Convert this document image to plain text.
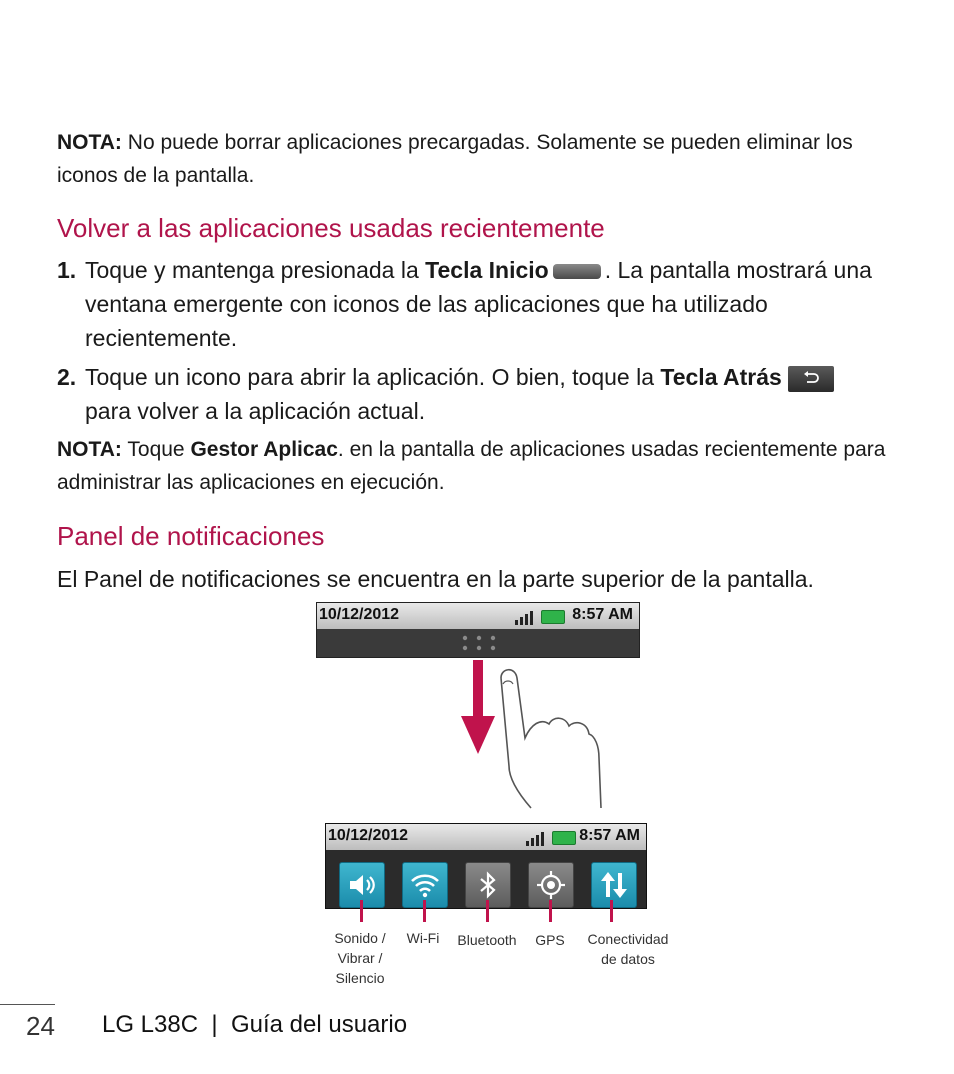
NOTA: No puede borrar aplicaciones precargadas. Solamente se pueden eliminar los iconos de la pantalla.

Volver a las aplicaciones usadas recientemente
1. Toque y mantenga presionada la Tecla Inicio . La pantalla mostrará una ventana emergente con iconos de las aplicaciones que ha utilizado recientemente.
2. Toque un icono para abrir la aplicación. O bien, toque la Tecla Atrás

para volver a la aplicación actual.

NOTA: Toque Gestor Aplicac. en la pantalla de aplicaciones usadas recientemente para administrar las aplicaciones en ejecución.

Panel de notificaciones
El Panel de notificaciones se encuentra en la parte superior de la pantalla.
10/12/2012	8:57 AM
10/12/2012	8:57 AM
Sonido / Vibrar / Silencio
Wi-Fi	Bluetooth	GPS	Conectividad de datos
24 LG L38C  |  Guía del usuario
